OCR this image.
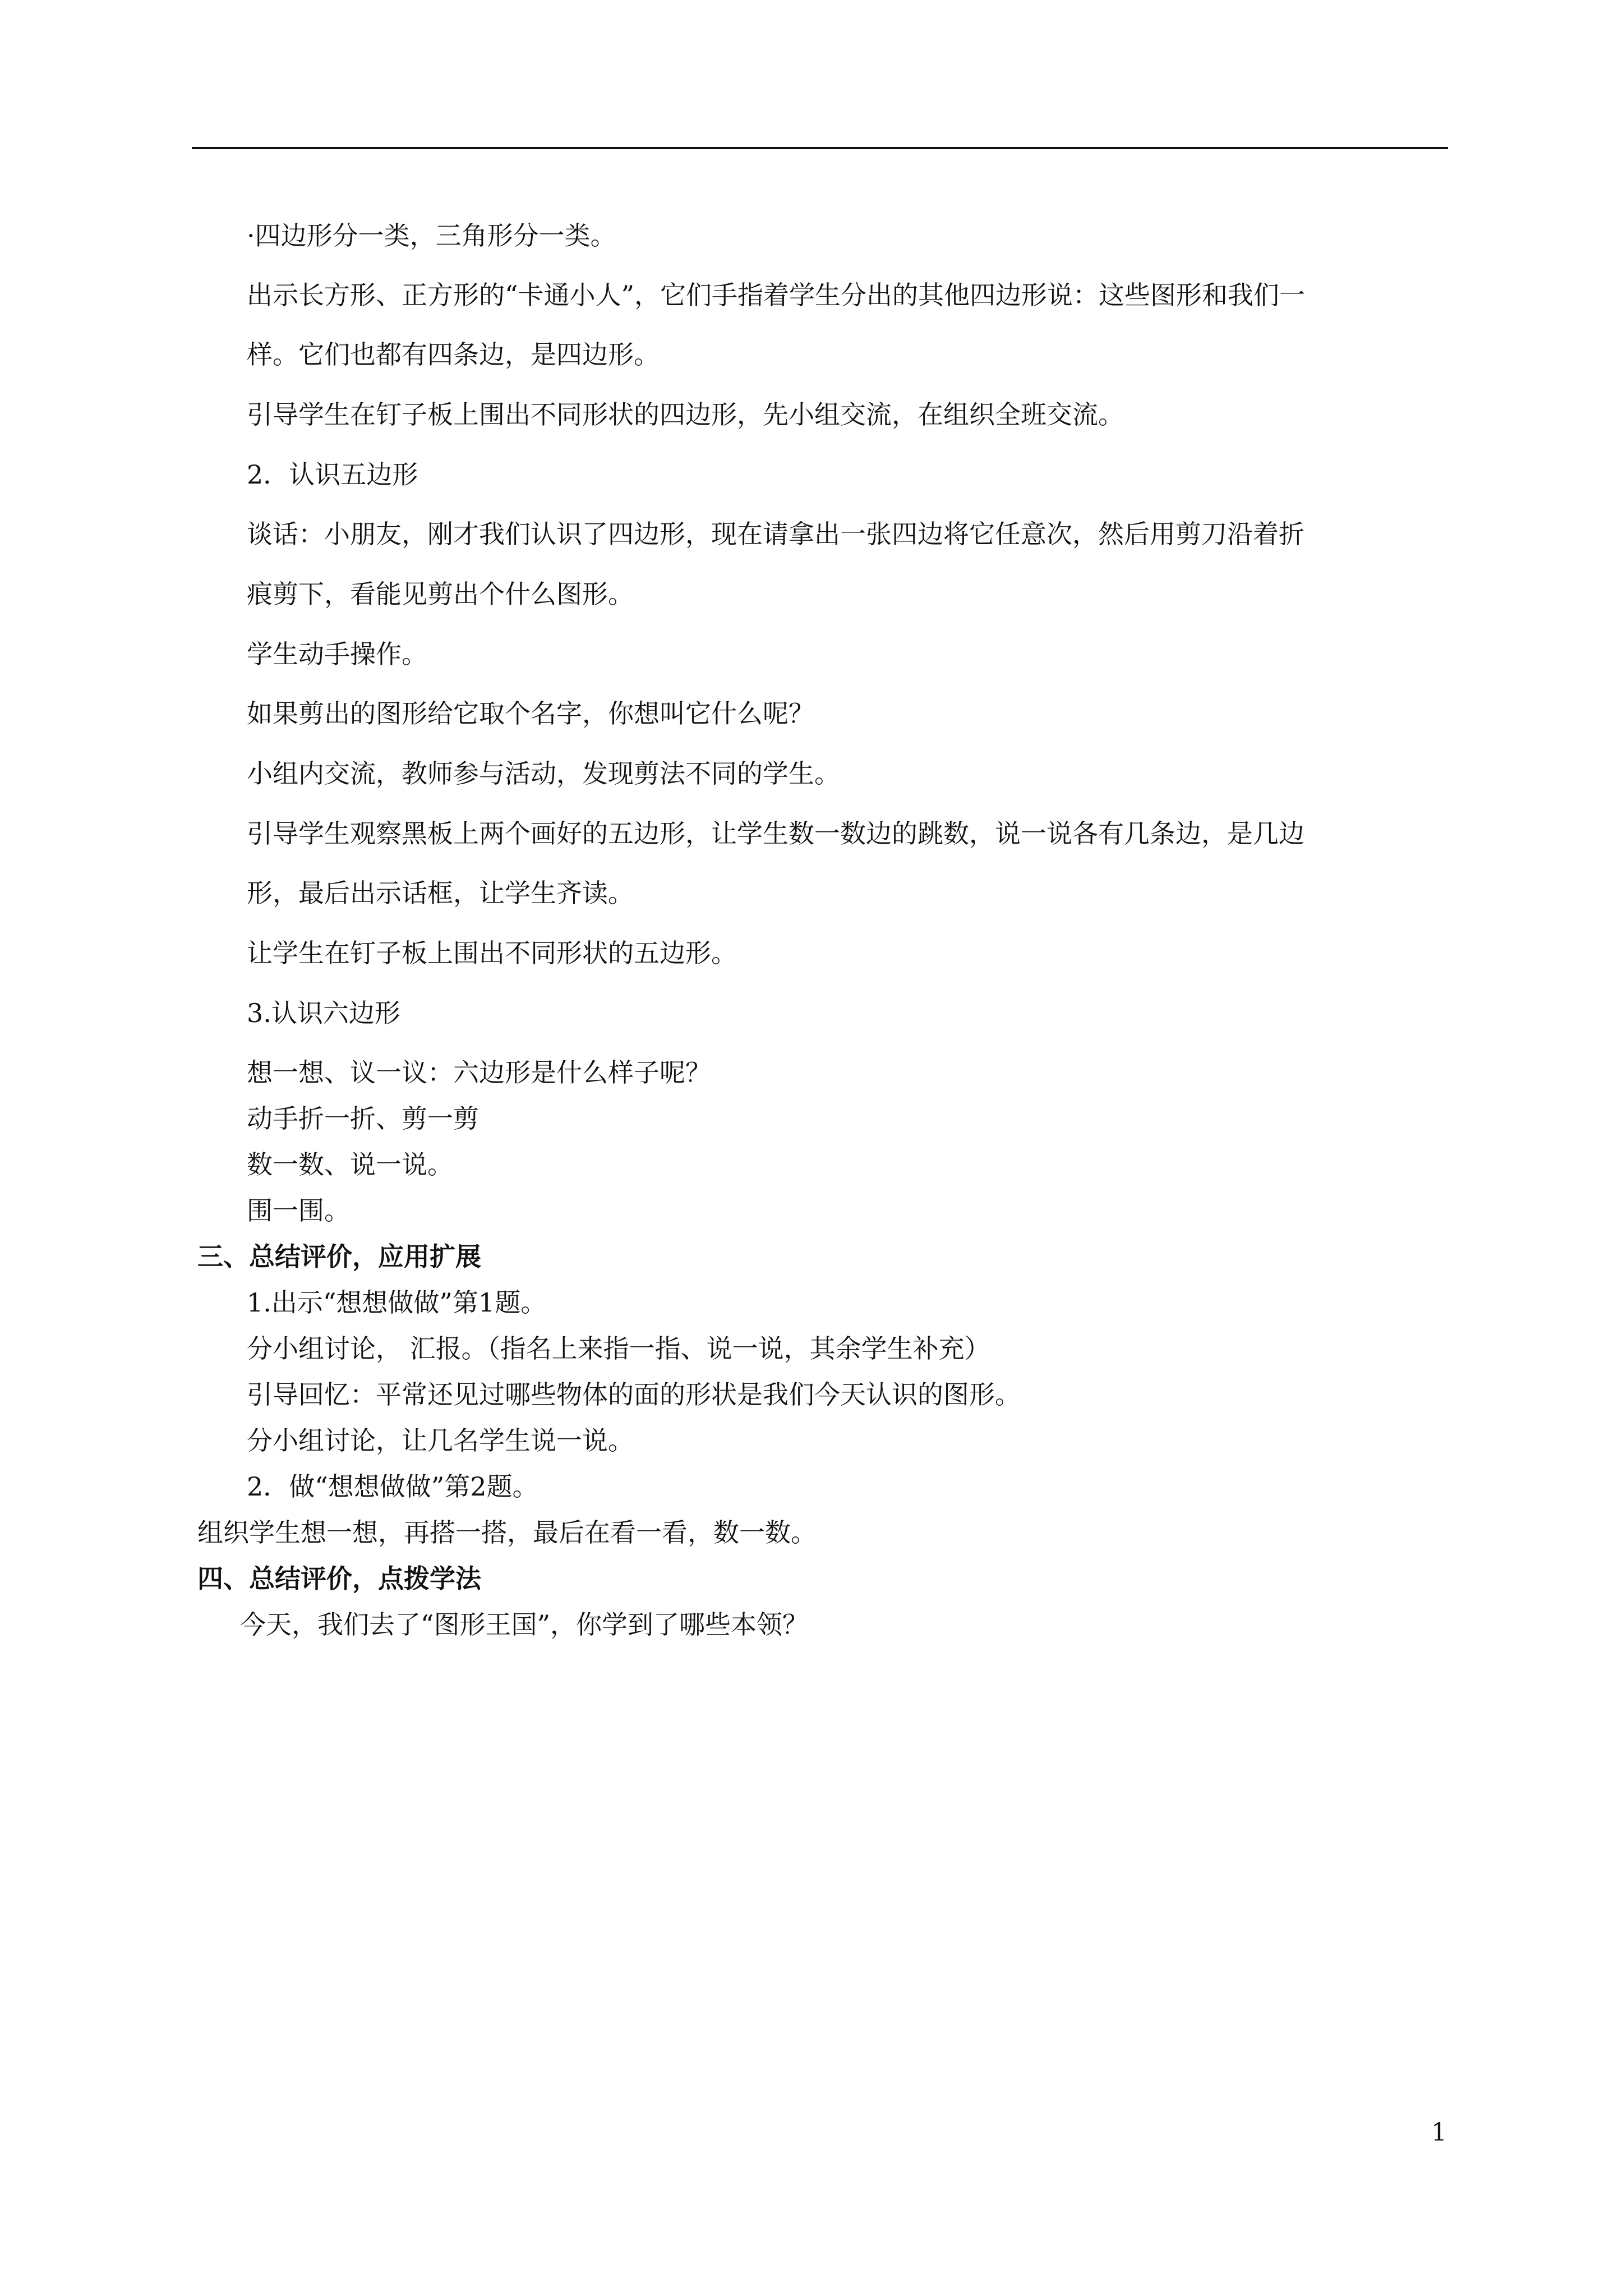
·四边形分一类，三角形分一类。
出示长方形、正方形的“卡通小人”，它们手指着学生分出的其他四边形说：这些图形和我们一
样。它们也都有四条边，是四边形。
引导学生在钉子板上围出不同形状的四边形，先小组交流，在组织全班交流。
2．认识五边形
谈话：小朋友，刚才我们认识了四边形，现在请拿出一张四边将它任意次，然后用剪刀沿着折
痕剪下，看能见剪出个什么图形。
学生动手操作。
如果剪出的图形给它取个名字，你想叫它什么呢？
小组内交流，教师参与活动，发现剪法不同的学生。
引导学生观察黑板上两个画好的五边形，让学生数一数边的跳数，说一说各有几条边，是几边
形，最后出示话框，让学生齐读。
让学生在钉子板上围出不同形状的五边形。
3.认识六边形
想一想、议一议：六边形是什么样子呢？
动手折一折、剪一剪
数一数、说一说。
围一围。
三、总结评价，应用扩展
1.出示“想想做做”第1题。
分小组讨论， 汇报。（指名上来指一指、说一说，其余学生补充）
引导回忆：平常还见过哪些物体的面的形状是我们今天认识的图形。
分小组讨论，让几名学生说一说。
2．做“想想做做”第2题。
组织学生想一想，再搭一搭，最后在看一看，数一数。
四、总结评价，点拨学法
今天，我们去了“图形王国”，你学到了哪些本领？
1
